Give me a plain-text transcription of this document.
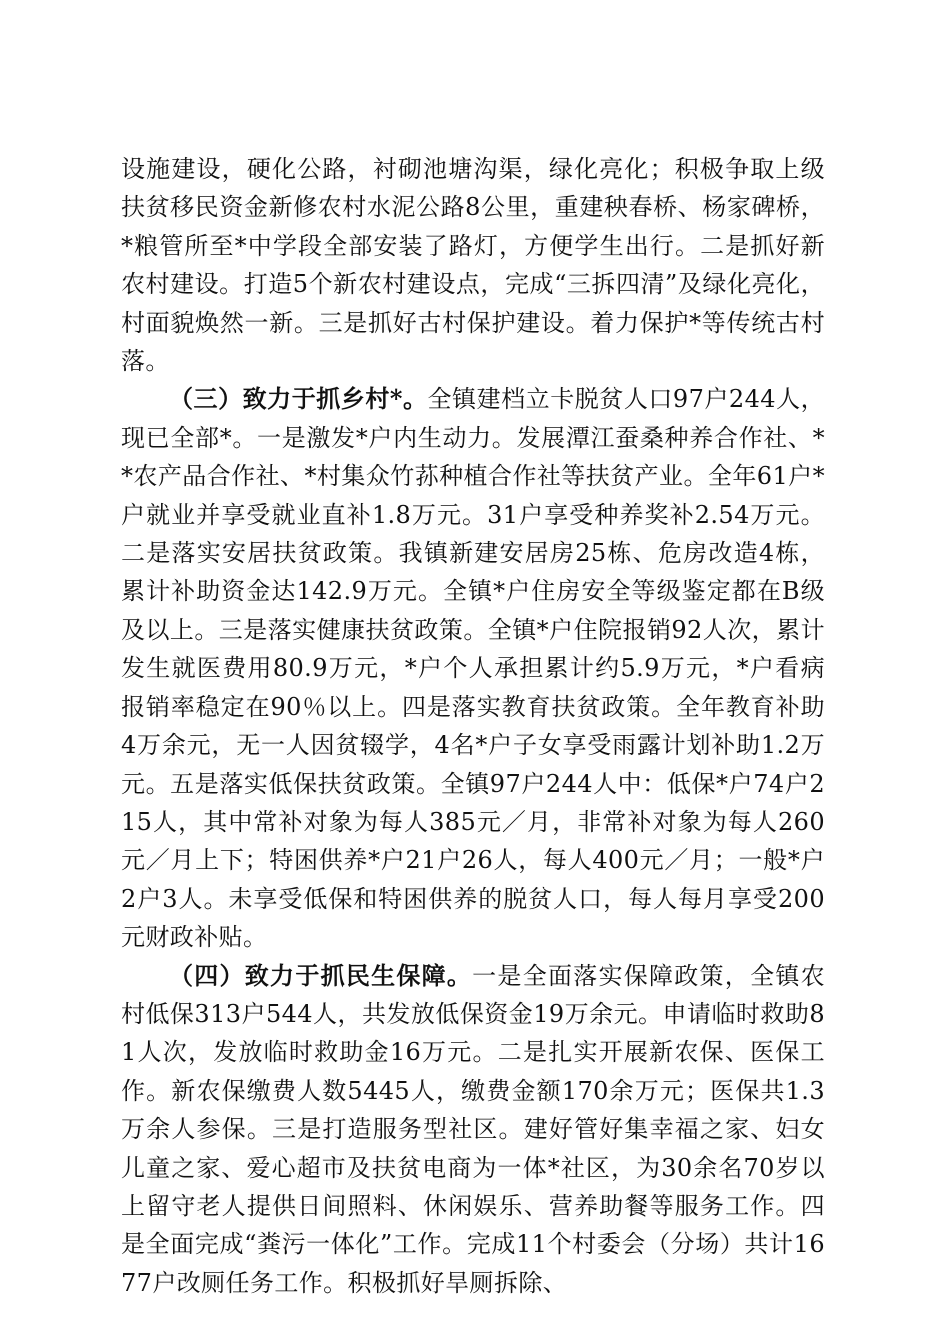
设施建设，硬化公路，衬砌池塘沟渠，绿化亮化；积极争取上级扶贫移民资金新修农村水泥公路8公里，重建秧春桥、杨家碑桥，*粮管所至*中学段全部安装了路灯，方便学生出行。二是抓好新农村建设。打造5个新农村建设点，完成“三拆四清”及绿化亮化，村面貌焕然一新。三是抓好古村保护建设。着力保护*等传统古村落。

（三）致力于抓乡村*。全镇建档立卡脱贫人口97户244人，现已全部*。一是激发*户内生动力。发展潭江蚕桑种养合作社、**农产品合作社、*村集众竹荪种植合作社等扶贫产业。全年61户*户就业并享受就业直补1.8万元。31户享受种养奖补2.54万元。二是落实安居扶贫政策。我镇新建安居房25栋、危房改造4栋，累计补助资金达142.9万元。全镇*户住房安全等级鉴定都在B级及以上。三是落实健康扶贫政策。全镇*户住院报销92人次，累计发生就医费用80.9万元，*户个人承担累计约5.9万元，*户看病报销率稳定在90％以上。四是落实教育扶贫政策。全年教育补助4万余元，无一人因贫辍学，4名*户子女享受雨露计划补助1.2万元。五是落实低保扶贫政策。全镇97户244人中：低保*户74户215人，其中常补对象为每人385元／月，非常补对象为每人260元／月上下；特困供养*户21户26人，每人400元／月；一般*户2户3人。未享受低保和特困供养的脱贫人口，每人每月享受200元财政补贴。

（四）致力于抓民生保障。一是全面落实保障政策，全镇农村低保313户544人，共发放低保资金19万余元。申请临时救助81人次，发放临时救助金16万元。二是扎实开展新农保、医保工作。新农保缴费人数5445人，缴费金额170余万元；医保共1.3万余人参保。三是打造服务型社区。建好管好集幸福之家、妇女儿童之家、爱心超市及扶贫电商为一体*社区，为30余名70岁以上留守老人提供日间照料、休闲娱乐、营养助餐等服务工作。四是全面完成“粪污一体化”工作。完成11个村委会（分场）共计1677户改厕任务工作。积极抓好旱厕拆除、
